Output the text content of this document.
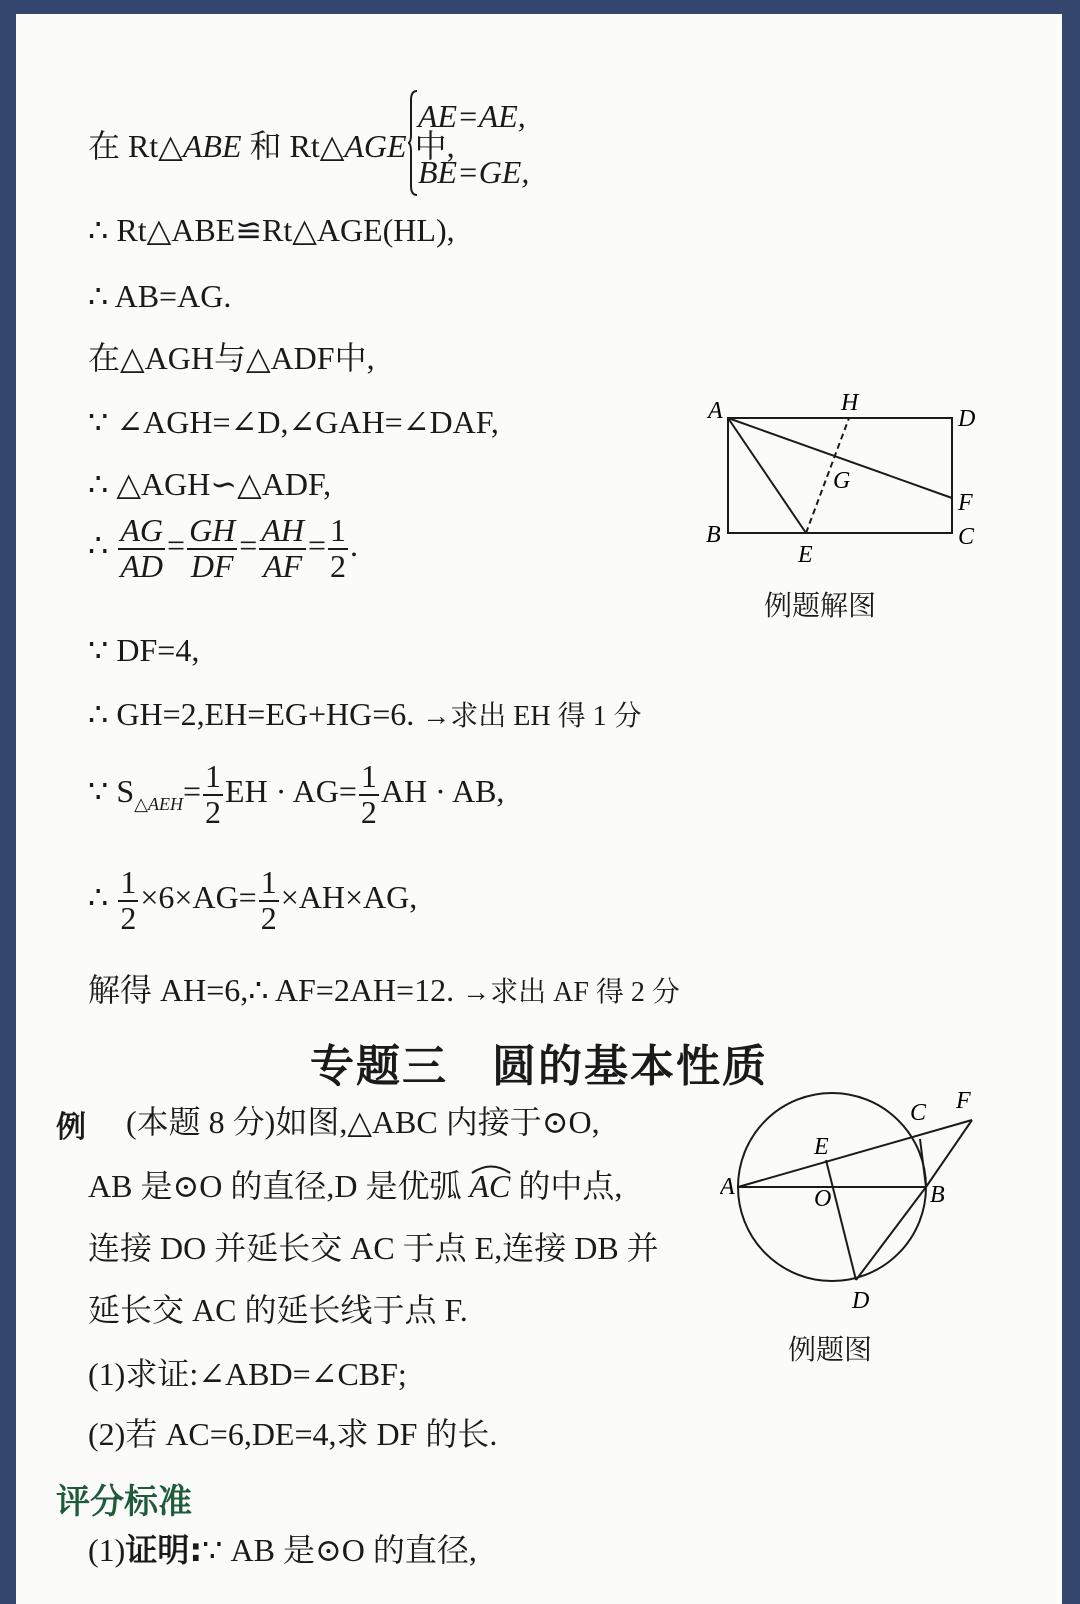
在 Rt△ABE 和 Rt△AGE 中,
AE=AE,
BE=GE,
∴ Rt△ABE≌Rt△AGE(HL),
∴ AB=AG.
在△AGH与△ADF中,
∵ ∠AGH=∠D,∠GAH=∠DAF,
∴ △AGH∽△ADF,
∴ $\frac{AG}{AD} = \frac{GH}{DF} = \frac{AH}{AF} = \frac{1}{2}$ .
∵ DF=4,
∴ GH=2,EH=EG+HG=6. →求出 EH 得 1 分
∵ $S_{\triangle AEH}= \frac{1}{2}$ EH · $AG= \frac{1}{2}$ AH · AB,
∴ $\frac{1}{2} \times 6\times AG= \frac{1}{2} \times AH\times AG$,
解得 AH=6,∴ AF=2AH=12. →求出 AF 得 2 分
A	H
D
G
F
B
E
C
例题解图
专题三 圆的基本性质
例 (本题 8 分)如图,△ABC 内接于⊙O,
AB 是⊙O 的直径,D 是优弧 AC 的中点,
连接 DO 并延长交 AC 于点 E,连接 DB 并
延长交 AC 的延长线于点 F.
(1)求证:∠ABD=∠CBF;
(2)若 AC=6,DE=4,求 DF 的长.
A
E
C F
O	B
D
例题图
评分标准
(1)证明:∵ AB 是⊙O 的直径,
